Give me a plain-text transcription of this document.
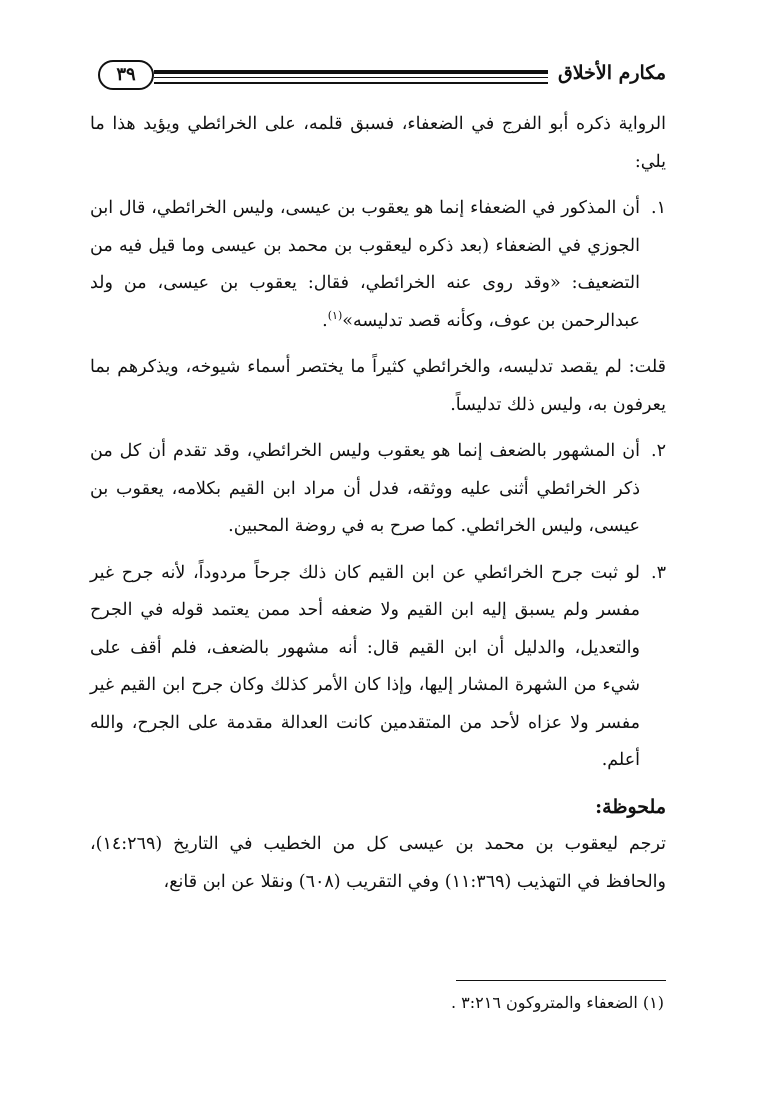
مكارم الأخلاق
٣٩

الرواية ذكره أبو الفرج في الضعفاء، فسبق قلمه، على الخرائطي ويؤيد هذا ما يلي:

١.
أن المذكور في الضعفاء إنما هو يعقوب بن عيسى، وليس الخرائطي، قال ابن الجوزي في الضعفاء (بعد ذكره ليعقوب بن محمد بن عيسى وما قيل فيه من التضعيف: «وقد روى عنه الخرائطي، فقال: يعقوب بن عيسى، من ولد عبدالرحمن بن عوف، وكأنه قصد تدليسه»$^{(١)}$.

قلت: لم يقصد تدليسه، والخرائطي كثيراً ما يختصر أسماء شيوخه، ويذكرهم بما يعرفون به، وليس ذلك تدليساً.

٢.
أن المشهور بالضعف إنما هو يعقوب وليس الخرائطي، وقد تقدم أن كل من ذكر الخرائطي أثنى عليه ووثقه، فدل أن مراد ابن القيم بكلامه، يعقوب بن عيسى، وليس الخرائطي. كما صرح به في روضة المحبين.
٣.
لو ثبت جرح الخرائطي عن ابن القيم كان ذلك جرحاً مردوداً، لأنه جرح غير مفسر ولم يسبق إليه ابن القيم ولا ضعفه أحد ممن يعتمد قوله في الجرح والتعديل، والدليل أن ابن القيم قال: أنه مشهور بالضعف، فلم أقف على شيء من الشهرة المشار إليها، وإذا كان الأمر كذلك وكان جرح ابن القيم غير مفسر ولا عزاه لأحد من المتقدمين كانت العدالة مقدمة على الجرح، والله أعلم.

ملحوظة:

ترجم ليعقوب بن محمد بن عيسى كل من الخطيب في التاريخ (١٤:٢٦٩)، والحافظ في التهذيب (١١:٣٦٩) وفي التقريب (٦٠٨) ونقلا عن ابن قانع،

(١) الضعفاء والمتروكون ٣:٢١٦ .
